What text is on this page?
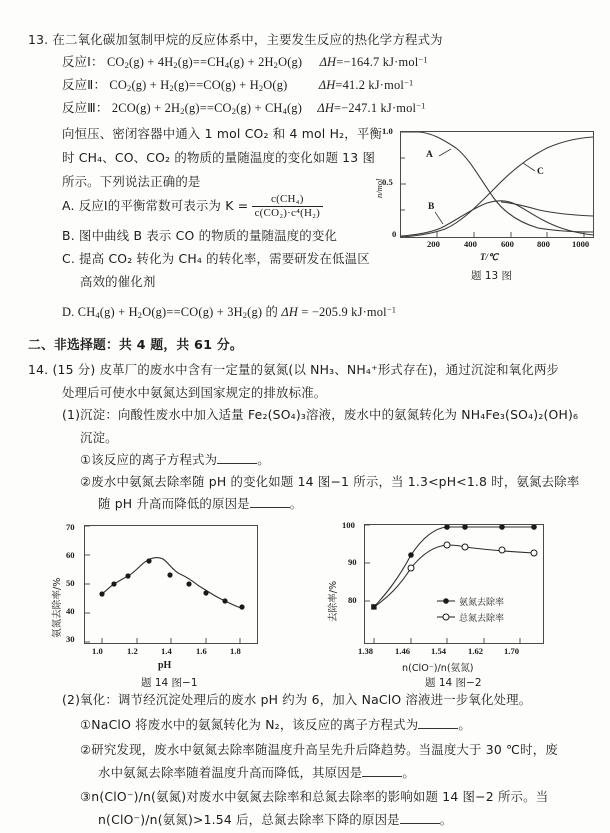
13. 在二氧化碳加氢制甲烷的反应体系中，主要发生反应的热化学方程式为
反应Ⅰ： $CO_2(g)$ + $4H_2(g)​==CH_4(g) + 2H_2O(g)$ ΔH=−164.7 kJ·mol$^{-1}$
反应Ⅱ： $CO_2(g)$ + $H_2(g)​==CO(g) + H_2O(g)$	ΔH=41.2 kJ·mol$^{-1}$
反应Ⅲ： $2CO(g) + 2H_2(g)​==CO_2(g) + CH_4(g)$ ΔH=−247.1 kJ·mol$^{-1}$
向恒压、密闭容器中通入 1 mol CO₂ 和 4 mol H₂，平衡
时 CH₄、CO、CO₂ 的物质的量随温度的变化如题 13 图
所示。下列说法正确的是
A. 反应Ⅰ的平衡常数可表示为 $K = \frac{\text{c(CH₄)}}{\text{c(CO₂)·c⁴(H₂)}}$
B. 图中曲线 B 表示 CO 的物质的量随温度的变化
C. 提高 CO₂ 转化为 CH₄ 的转化率，需要研发在低温区
高效的催化剂
D. $CH_4(g)$ + $H_2O(g)​==CO(g) + 3H_2(g)$ 的 ΔH = −205.9 kJ·mol$^{-1}$
n/mol
1.0
0.5
0
A
B
C
200	400	600	800	1000
T/℃
题 13 图
二、非选择题：共 4 题，共 61 分。
14. (15 分) 皮革厂的废水中含有一定量的氨氮(以 NH₃、NH₄⁺形式存在)，通过沉淀和氧化两步
处理后可使水中氨氮达到国家规定的排放标准。
(1)沉淀：向酸性废水中加入适量 Fe₂(SO₄)₃溶液，废水中的氨氮转化为 NH₄Fe₃(SO₄)₂(OH)₆
沉淀。
①该反应的离子方程式为	。
②废水中氨氮去除率随 pH 的变化如题 14 图−1 所示，当 1.3<pH<1.8 时，氨氮去除率
随 pH 升高而降低的原因是	。
氨氮去除率/%
70
60
50
40
30
1.0	1.2	1.4	1.6	1.8
pH
题 14 图−1
去除率/%
100
90
80	氨氮去除率
总氮去除率
1.38	1.46 1.54	1.62 1.70
n(ClO⁻)/n(氨氮)
题 14 图−2
(2)氧化：调节经沉淀处理后的废水 pH 约为 6，加入 NaClO 溶液进一步氧化处理。
①NaClO 将废水中的氨氮转化为 N₂，该反应的离子方程式为	。
②研究发现，废水中氨氮去除率随温度升高呈先升后降趋势。当温度大于 30 ℃时，废
水中氨氮去除率随着温度升高而降低，其原因是	。
③n(ClO⁻)/n(氨氮)对废水中氨氮去除率和总氮去除率的影响如题 14 图−2 所示。当
n(ClO⁻)/n(氨氮)>1.54 后，总氮去除率下降的原因是	。
